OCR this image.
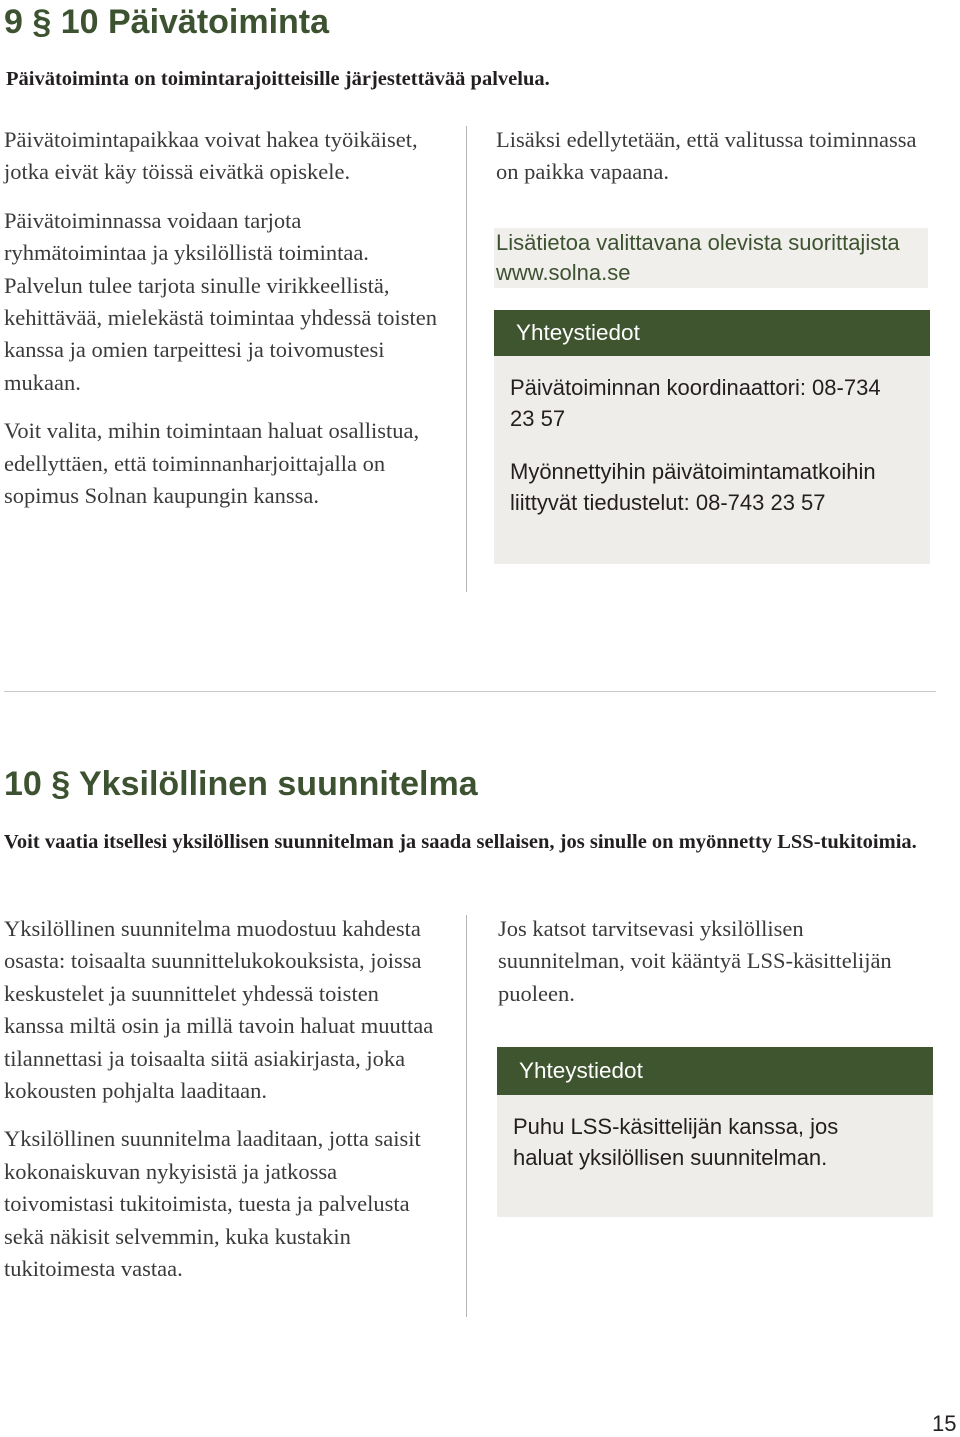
9 § 10 Päivätoiminta
Päivätoiminta on toimintarajoitteisille järjestettävää palvelua.

Päivätoimintapaikkaa voivat hakea työikäiset, jotka eivät käy töissä eivätkä opiskele.

Päivätoiminnassa voidaan tarjota ryhmätoimintaa ja yksilöllistä toimintaa. Palvelun tulee tarjota sinulle virikkeellistä, kehittävää, mielekästä toimintaa yhdessä toisten kanssa ja omien tarpeittesi ja toivomustesi mukaan.

Voit valita, mihin toimintaan haluat osallistua, edellyttäen, että toiminnanharjoittajalla on sopimus Solnan kaupungin kanssa.

Lisäksi edellytetään, että valitussa toiminnassa on paikka vapaana.
Lisätietoa valittavana olevista suorittajista www.solna.se
Yhteystiedot

Päivätoiminnan koordinaattori: 08-734 23 57

Myönnettyihin päivätoimintamatkoihin liittyvät tiedustelut: 08-743 23 57

10 § Yksilöllinen suunnitelma
Voit vaatia itsellesi yksilöllisen suunnitelman ja saada sellaisen, jos sinulle on myönnetty LSS-tukitoimia.

Yksilöllinen suunnitelma muodostuu kahdesta osasta: toisaalta suunnittelukokouksista, joissa keskustelet ja suunnittelet yhdessä toisten kanssa miltä osin ja millä tavoin haluat muuttaa tilannettasi ja toisaalta siitä asiakirjasta, joka kokousten pohjalta laaditaan.

Yksilöllinen suunnitelma laaditaan, jotta saisit kokonaiskuvan nykyisistä ja jatkossa toivomistasi tukitoimista, tuesta ja palvelusta sekä näkisit selvemmin, kuka kustakin tukitoimesta vastaa.

Jos katsot tarvitsevasi yksilöllisen suunnitelman, voit kääntyä LSS-käsittelijän puoleen.
Yhteystiedot

Puhu LSS-käsittelijän kanssa, jos haluat yksilöllisen suunnitelman.

15
